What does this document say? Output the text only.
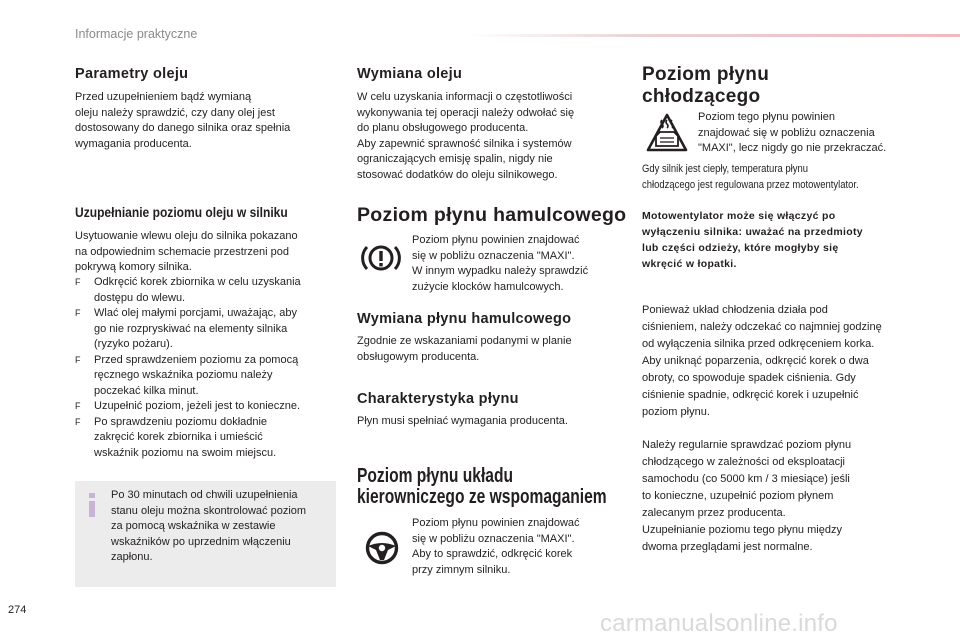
Informacje praktyczne
Parametry oleju
Przed uzupełnieniem bądź wymianą
oleju należy sprawdzić, czy dany olej jest
dostosowany do danego silnika oraz spełnia
wymagania producenta.
Uzupełnianie poziomu oleju w silniku
Usytuowanie wlewu oleju do silnika pokazano
na odpowiednim schemacie przestrzeni pod
pokrywą komory silnika.
F Odkręcić korek zbiornika w celu uzyskania
dostępu do wlewu.
F Wlać olej małymi porcjami, uważając, aby
go nie rozpryskiwać na elementy silnika
(ryzyko pożaru).
F Przed sprawdzeniem poziomu za pomocą
ręcznego wskaźnika poziomu należy
poczekać kilka minut.
F Uzupełnić poziom, jeżeli jest to konieczne.
F Po sprawdzeniu poziomu dokładnie
zakręcić korek zbiornika i umieścić
wskaźnik poziomu na swoim miejscu.
Po 30 minutach od chwili uzupełnienia
stanu oleju można skontrolować poziom
za pomocą wskaźnika w zestawie
wskaźników po uprzednim włączeniu
zapłonu.
Wymiana oleju
W celu uzyskania informacji o częstotliwości
wykonywania tej operacji należy odwołać się
do planu obsługowego producenta.
Aby zapewnić sprawność silnika i systemów
ograniczających emisję spalin, nigdy nie
stosować dodatków do oleju silnikowego.
Poziom płynu hamulcowego
Poziom płynu powinien znajdować
się w pobliżu oznaczenia "MAXI".
W innym wypadku należy sprawdzić
zużycie klocków hamulcowych.
Wymiana płynu hamulcowego
Zgodnie ze wskazaniami podanymi w planie
obsługowym producenta.
Charakterystyka płynu
Płyn musi spełniać wymagania producenta.
Poziom płynu układu
kierowniczego ze wspomaganiem
Poziom płynu powinien znajdować
się w pobliżu oznaczenia "MAXI".
Aby to sprawdzić, odkręcić korek
przy zimnym silniku.
Poziom płynu
chłodzącego
Poziom tego płynu powinien
znajdować się w pobliżu oznaczenia
"MAXI", lecz nigdy go nie przekraczać.
Gdy silnik jest ciepły, temperatura płynu
chłodzącego jest regulowana przez motowentylator.
Motowentylator może się włączyć po
wyłączeniu silnika: uważać na przedmioty
lub części odzieży, które mogłyby się
wkręcić w łopatki.
Ponieważ układ chłodzenia działa pod
ciśnieniem, należy odczekać co najmniej godzinę
od wyłączenia silnika przed odkręceniem korka.
Aby uniknąć poparzenia, odkręcić korek o dwa
obroty, co spowoduje spadek ciśnienia. Gdy
ciśnienie spadnie, odkręcić korek i uzupełnić
poziom płynu.
Należy regularnie sprawdzać poziom płynu
chłodzącego w zależności od eksploatacji
samochodu (co 5000 km / 3 miesiące) jeśli
to konieczne, uzupełnić poziom płynem
zalecanym przez producenta.
Uzupełnianie poziomu tego płynu między
dwoma przeglądami jest normalne.
274	carmanualsonline.info
